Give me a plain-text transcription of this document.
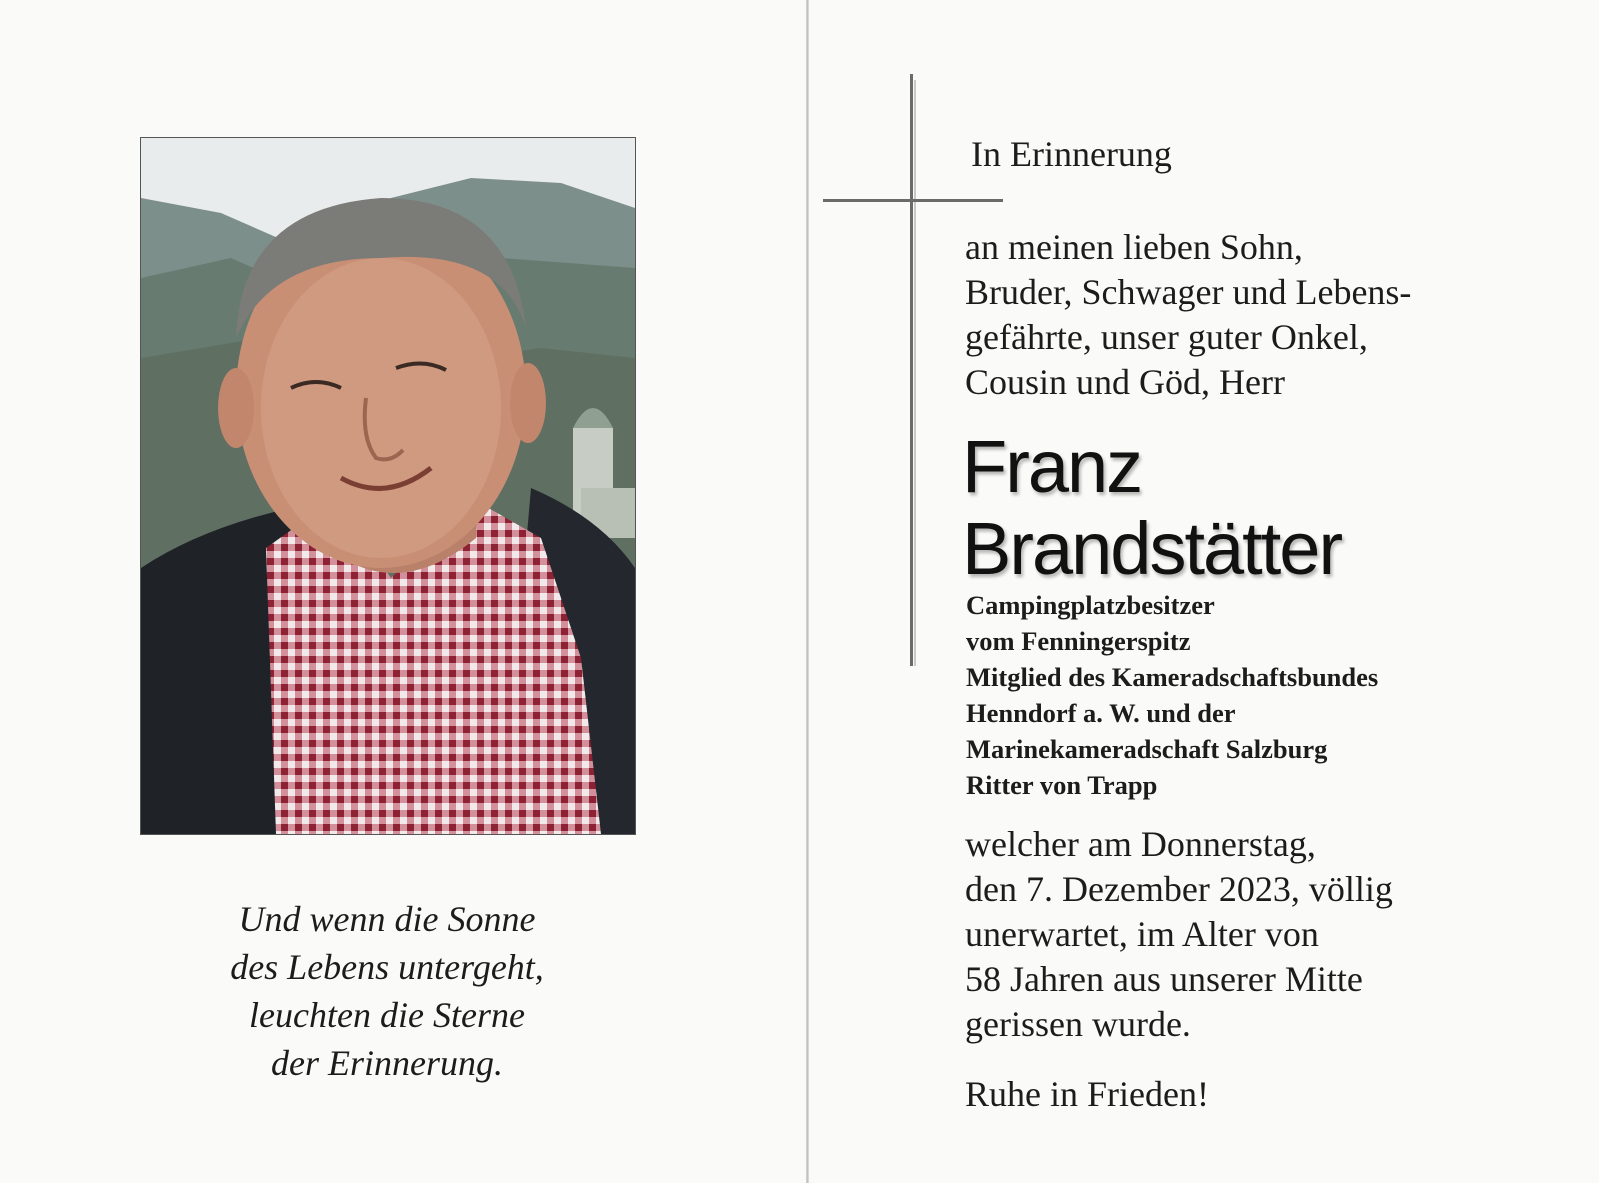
Und wenn die Sonne
des Lebens untergeht,
leuchten die Sterne
der Erinnerung.
In Erinnerung
an meinen lieben Sohn,
Bruder, Schwager und Lebens-
gefährte, unser guter Onkel,
Cousin und Göd, Herr
Franz
Brandstätter
Campingplatzbesitzer
vom Fenningerspitz
Mitglied des Kameradschaftsbundes
Henndorf a. W. und der
Marinekameradschaft Salzburg
Ritter von Trapp
welcher am Donnerstag,
den 7. Dezember 2023, völlig
unerwartet, im Alter von
58 Jahren aus unserer Mitte
gerissen wurde.
Ruhe in Frieden!
